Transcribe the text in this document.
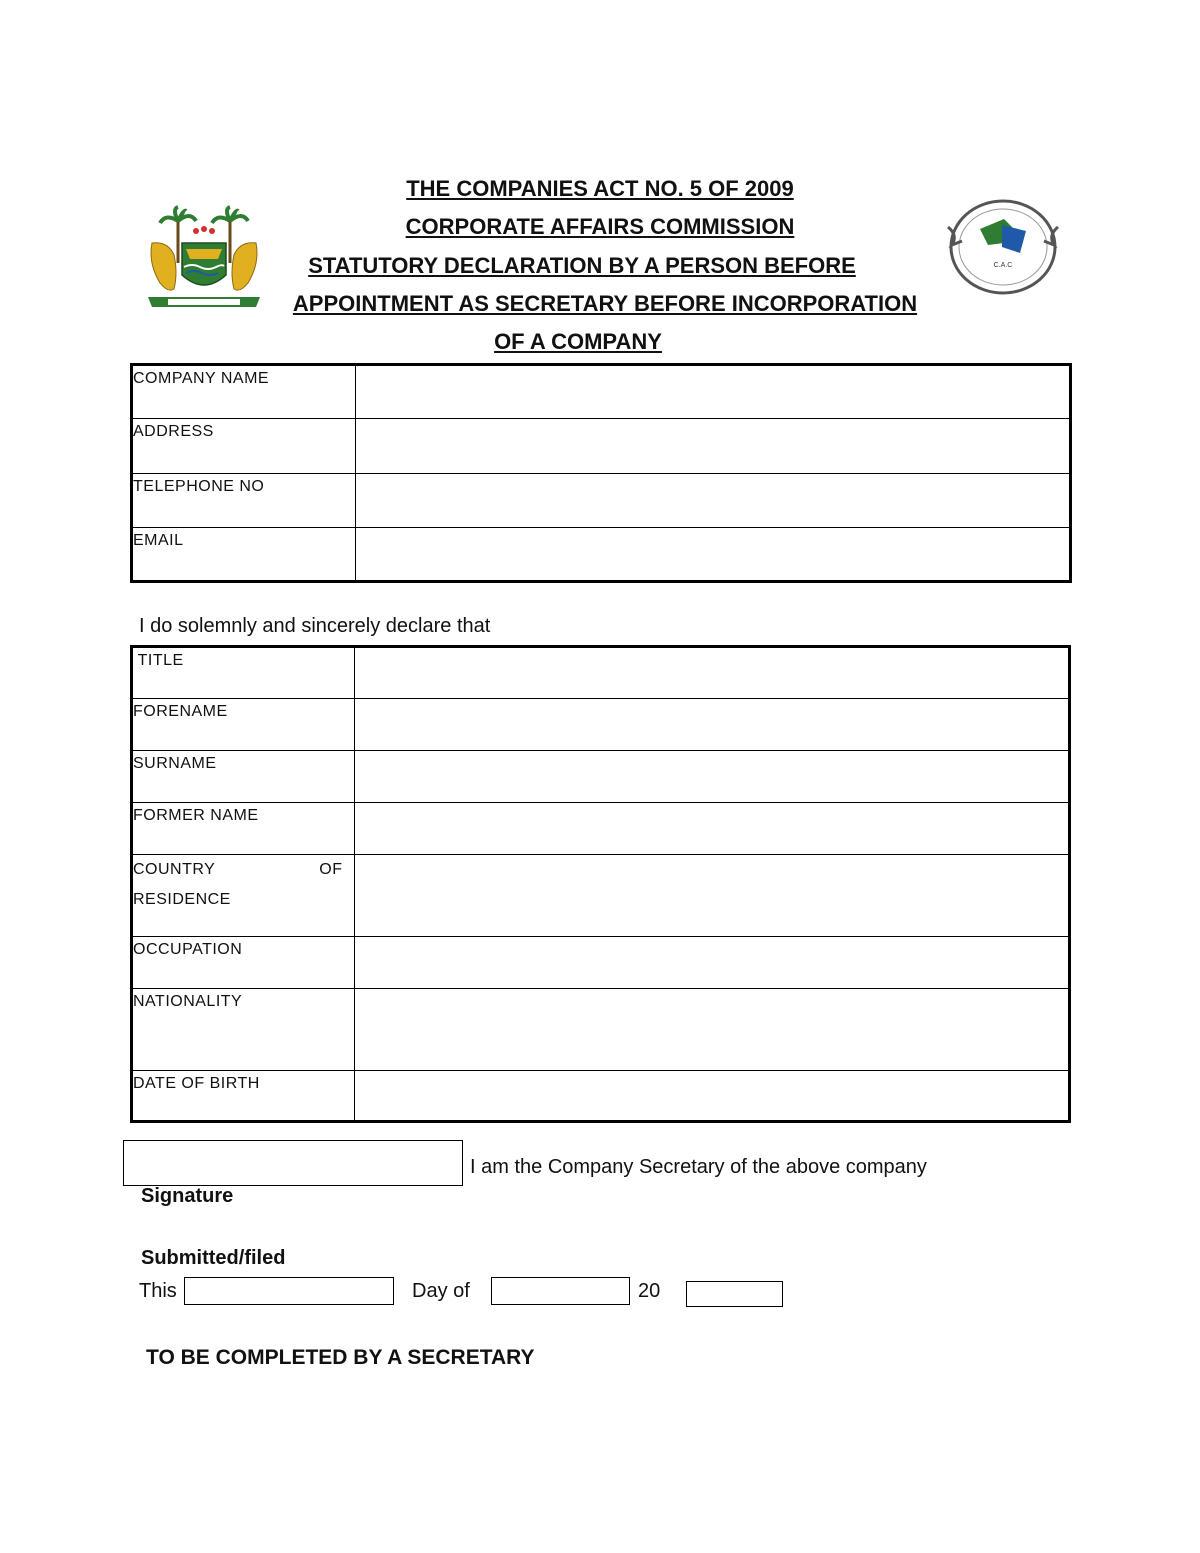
THE COMPANIES ACT NO. 5 OF 2009
CORPORATE AFFAIRS COMMISSION
STATUTORY DECLARATION BY A PERSON BEFORE
APPOINTMENT AS SECRETARY BEFORE INCORPORATION
OF A COMPANY
C.A.C
COMPANY NAME	
ADDRESS	
TELEPHONE NO	
EMAIL	
I do solemnly and sincerely declare that
TITLE	
FORENAME	
SURNAME	
FORMER NAME	

COUNTRY OF
RESIDENCE

OCCUPATION	
NATIONALITY	
DATE OF BIRTH	
I am the Company Secretary of the above company
Signature
Submitted/filed
This	Day of	20
TO BE COMPLETED BY A SECRETARY
